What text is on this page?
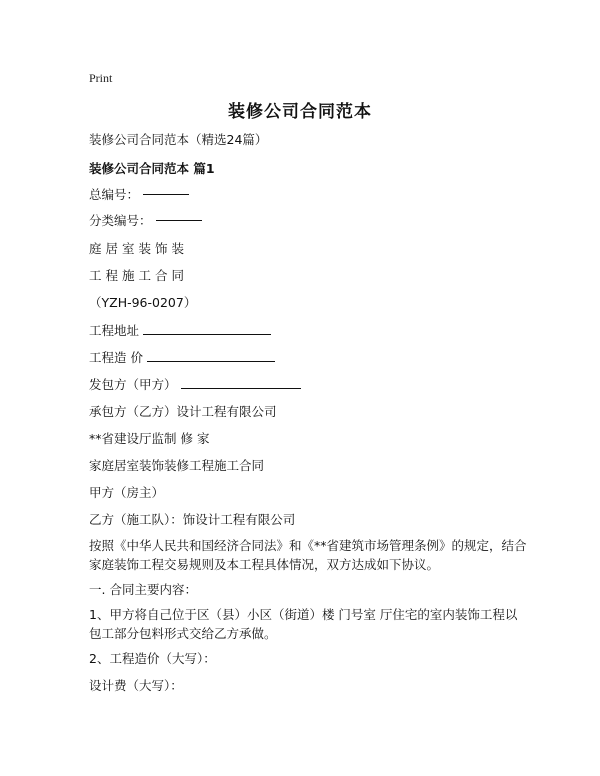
Print
装修公司合同范本
装修公司合同范本（精选24篇）
装修公司合同范本 篇1
总编号：
分类编号：
庭居室装饰装
工程施工合同
（YZH-96-0207）
工程地址
工程造 价
发包方（甲方）
承包方（乙方）设计工程有限公司
**省建设厅监制 修 家
家庭居室装饰装修工程施工合同
甲方（房主）
乙方（施工队）：饰设计工程有限公司
按照《中华人民共和国经济合同法》和《**省建筑市场管理条例》的规定，结合家庭装饰工程交易规则及本工程具体情况，双方达成如下协议。
一. 合同主要内容：
1、甲方将自己位于区（县）小区（街道）楼 门号室 厅住宅的室内装饰工程以包工部分包料形式交给乙方承做。
2、工程造价（大写）：
设计费（大写）：
